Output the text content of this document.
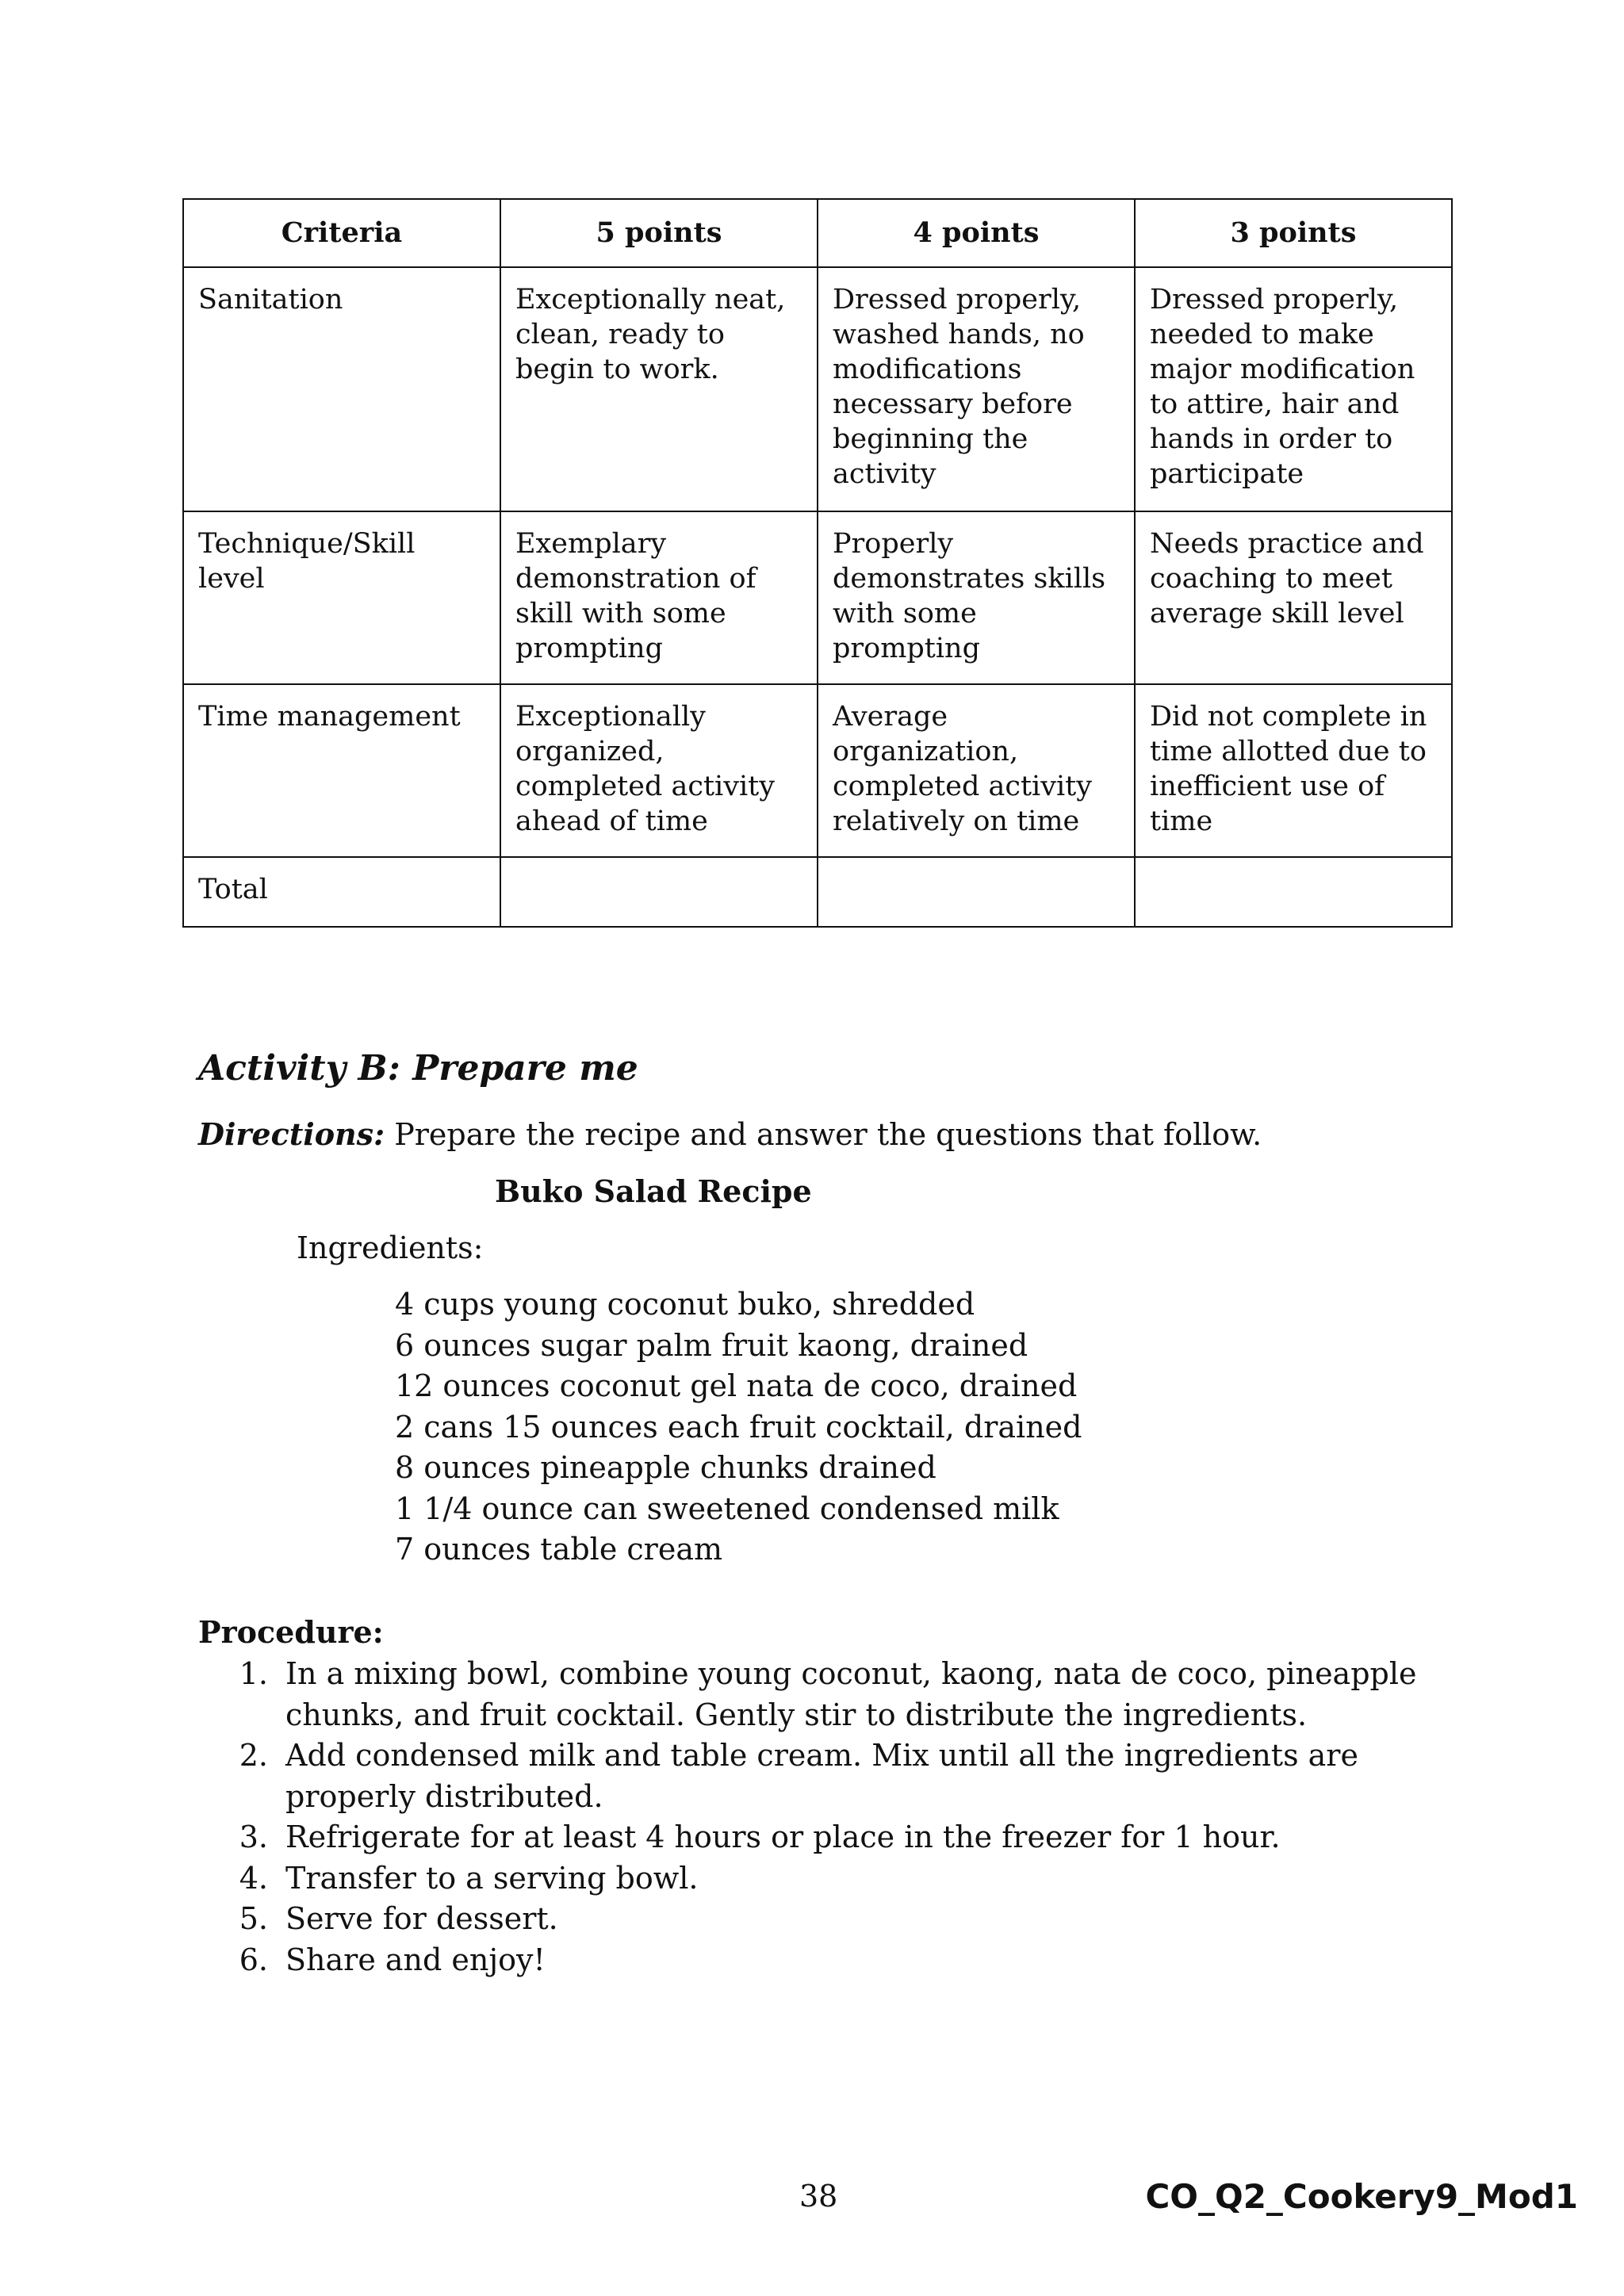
Criteria	5 points	4 points	3 points
Sanitation	Exceptionally neat, clean, ready to begin to work.	Dressed properly, washed hands, no modifications necessary before beginning the activity	Dressed properly, needed to make major modification to attire, hair and hands in order to participate
Technique/Skill level	Exemplary demonstration of skill with some prompting	Properly demonstrates skills with some prompting	Needs practice and coaching to meet average skill level
Time management	Exceptionally organized, completed activity ahead of time	Average organization, completed activity relatively on time	Did not complete in time allotted due to inefficient use of time
Total			
Activity B: Prepare me

Directions: Prepare the recipe and answer the questions that follow.

Buko Salad Recipe

Ingredients:

4 cups young coconut buko, shredded
6 ounces sugar palm fruit kaong, drained
12 ounces coconut gel nata de coco, drained
2 cans 15 ounces each fruit cocktail, drained
8 ounces pineapple chunks drained
1 1/4 ounce can sweetened condensed milk
7 ounces table cream

Procedure:

1. In a mixing bowl, combine young coconut, kaong, nata de coco, pineapple chunks, and fruit cocktail. Gently stir to distribute the ingredients.
2. Add condensed milk and table cream. Mix until all the ingredients are properly distributed.
3. Refrigerate for at least 4 hours or place in the freezer for 1 hour.
4. Transfer to a serving bowl.
5. Serve for dessert.
6. Share and enjoy!
38	CO_Q2_Cookery9_Mod1
